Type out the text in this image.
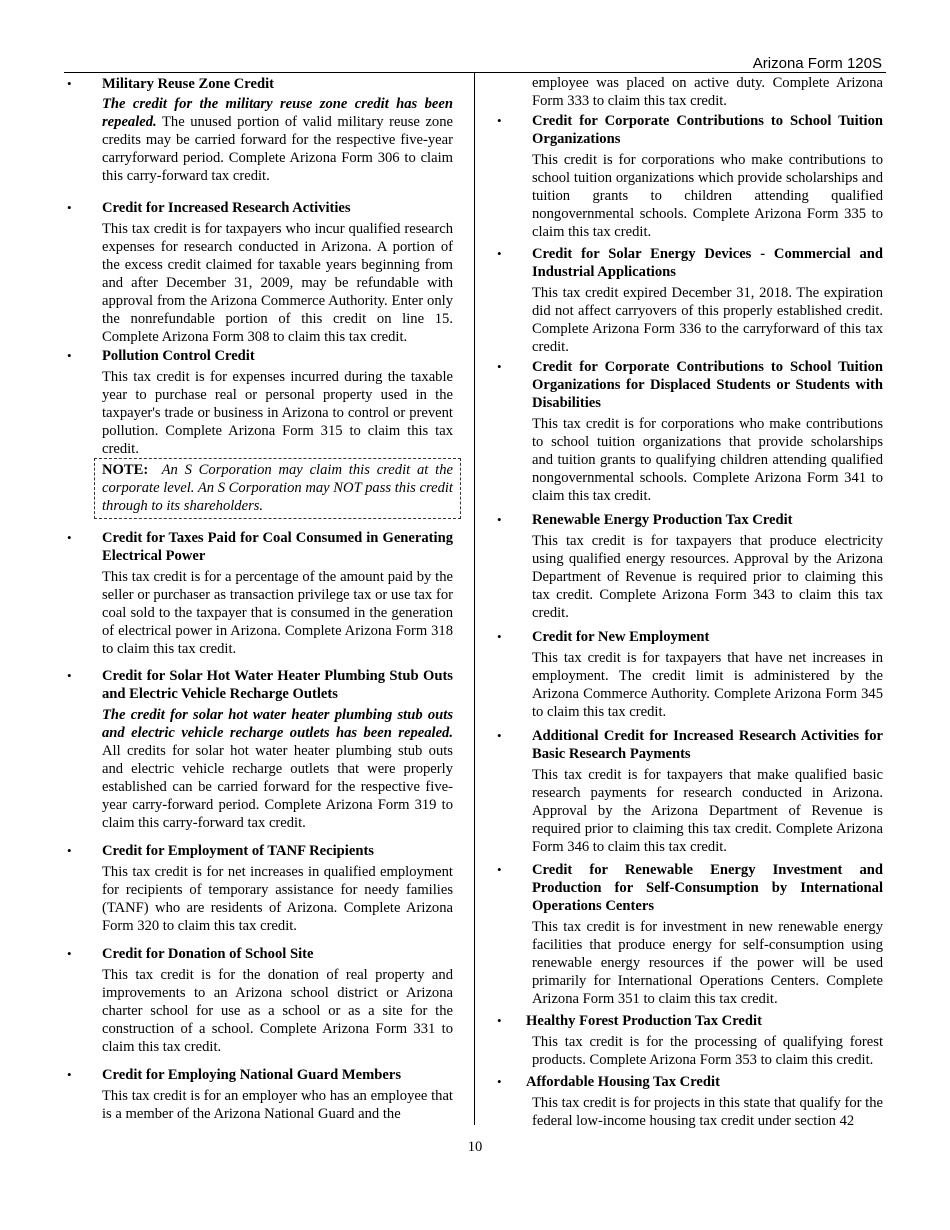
Arizona Form 120S
• Military Reuse Zone Credit

The credit for the military reuse zone credit has been repealed. The unused portion of valid military reuse zone credits may be carried forward for the respective five-year carryforward period. Complete Arizona Form 306 to claim this carry-forward tax credit.

• Credit for Increased Research Activities

This tax credit is for taxpayers who incur qualified research expenses for research conducted in Arizona. A portion of the excess credit claimed for taxable years beginning from and after December 31, 2009, may be refundable with approval from the Arizona Commerce Authority. Enter only the nonrefundable portion of this credit on line 15. Complete Arizona Form 308 to claim this tax credit.

• Pollution Control Credit

This tax credit is for expenses incurred during the taxable year to purchase real or personal property used in the taxpayer's trade or business in Arizona to control or prevent pollution. Complete Arizona Form 315 to claim this tax credit.

NOTE: An S Corporation may claim this credit at the corporate level. An S Corporation may NOT pass this credit through to its shareholders.
• Credit for Taxes Paid for Coal Consumed in Generating Electrical Power

This tax credit is for a percentage of the amount paid by the seller or purchaser as transaction privilege tax or use tax for coal sold to the taxpayer that is consumed in the generation of electrical power in Arizona. Complete Arizona Form 318 to claim this tax credit.

• Credit for Solar Hot Water Heater Plumbing Stub Outs and Electric Vehicle Recharge Outlets

The credit for solar hot water heater plumbing stub outs and electric vehicle recharge outlets has been repealed. All credits for solar hot water heater plumbing stub outs and electric vehicle recharge outlets that were properly established can be carried forward for the respective five-year carry-forward period. Complete Arizona Form 319 to claim this carry-forward tax credit.

• Credit for Employment of TANF Recipients

This tax credit is for net increases in qualified employment for recipients of temporary assistance for needy families (TANF) who are residents of Arizona. Complete Arizona Form 320 to claim this tax credit.

• Credit for Donation of School Site

This tax credit is for the donation of real property and improvements to an Arizona school district or Arizona charter school for use as a school or as a site for the construction of a school. Complete Arizona Form 331 to claim this tax credit.

• Credit for Employing National Guard Members

This tax credit is for an employer who has an employee that is a member of the Arizona National Guard and the

employee was placed on active duty. Complete Arizona Form 333 to claim this tax credit.

• Credit for Corporate Contributions to School Tuition Organizations

This credit is for corporations who make contributions to school tuition organizations which provide scholarships and tuition grants to children attending qualified nongovernmental schools. Complete Arizona Form 335 to claim this tax credit.

• Credit for Solar Energy Devices - Commercial and Industrial Applications

This tax credit expired December 31, 2018. The expiration did not affect carryovers of this properly established credit. Complete Arizona Form 336 to the carryforward of this tax credit.

• Credit for Corporate Contributions to School Tuition Organizations for Displaced Students or Students with Disabilities

This tax credit is for corporations who make contributions to school tuition organizations that provide scholarships and tuition grants to qualifying children attending qualified nongovernmental schools. Complete Arizona Form 341 to claim this tax credit.

• Renewable Energy Production Tax Credit

This tax credit is for taxpayers that produce electricity using qualified energy resources. Approval by the Arizona Department of Revenue is required prior to claiming this tax credit. Complete Arizona Form 343 to claim this tax credit.

• Credit for New Employment

This tax credit is for taxpayers that have net increases in employment. The credit limit is administered by the Arizona Commerce Authority. Complete Arizona Form 345 to claim this tax credit.

• Additional Credit for Increased Research Activities for Basic Research Payments

This tax credit is for taxpayers that make qualified basic research payments for research conducted in Arizona. Approval by the Arizona Department of Revenue is required prior to claiming this tax credit. Complete Arizona Form 346 to claim this tax credit.

• Credit for Renewable Energy Investment and Production for Self-Consumption by International Operations Centers

This tax credit is for investment in new renewable energy facilities that produce energy for self-consumption using renewable energy resources if the power will be used primarily for International Operations Centers. Complete Arizona Form 351 to claim this tax credit.

• Healthy Forest Production Tax Credit

This tax credit is for the processing of qualifying forest products. Complete Arizona Form 353 to claim this credit.

• Affordable Housing Tax Credit

This tax credit is for projects in this state that qualify for the federal low-income housing tax credit under section 42

10
